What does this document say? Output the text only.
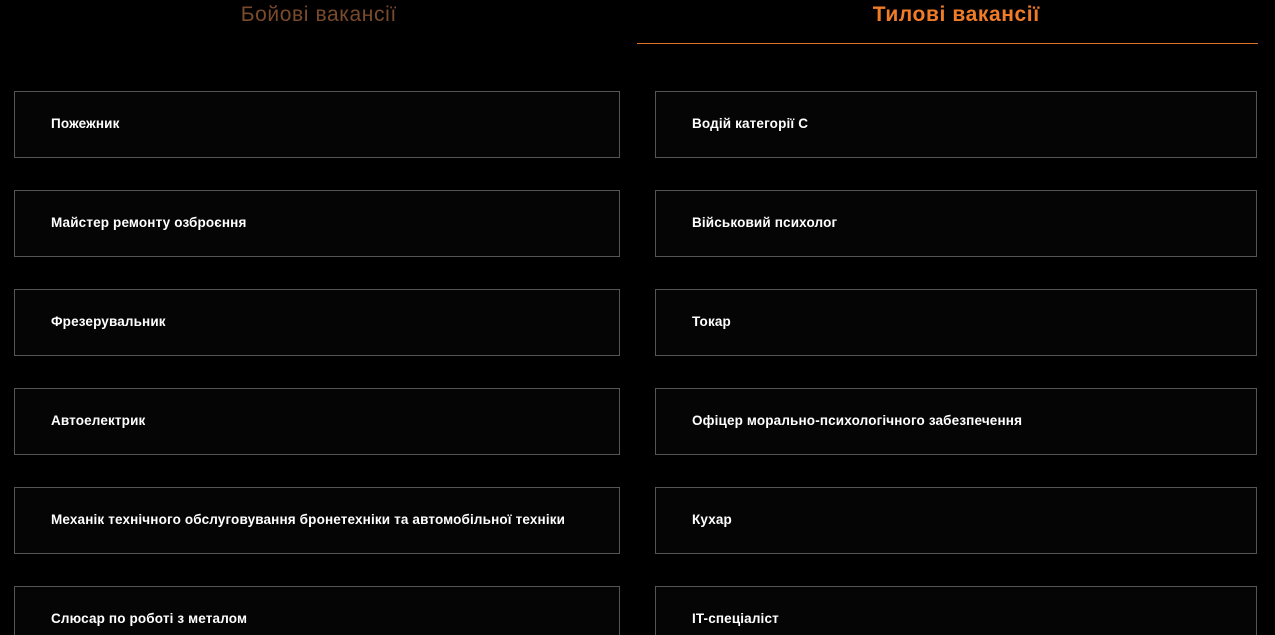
Бойові вакансії	Тилові вакансії
Пожежник
Майстер ремонту озброєння
Фрезерувальник
Автоелектрик
Механік технічного обслуговування бронетехніки та автомобільної техніки
Слюсар по роботі з металом
Водій категорії С
Військовий психолог
Токар
Офіцер морально-психологічного забезпечення
Кухар
IT-спеціаліст
